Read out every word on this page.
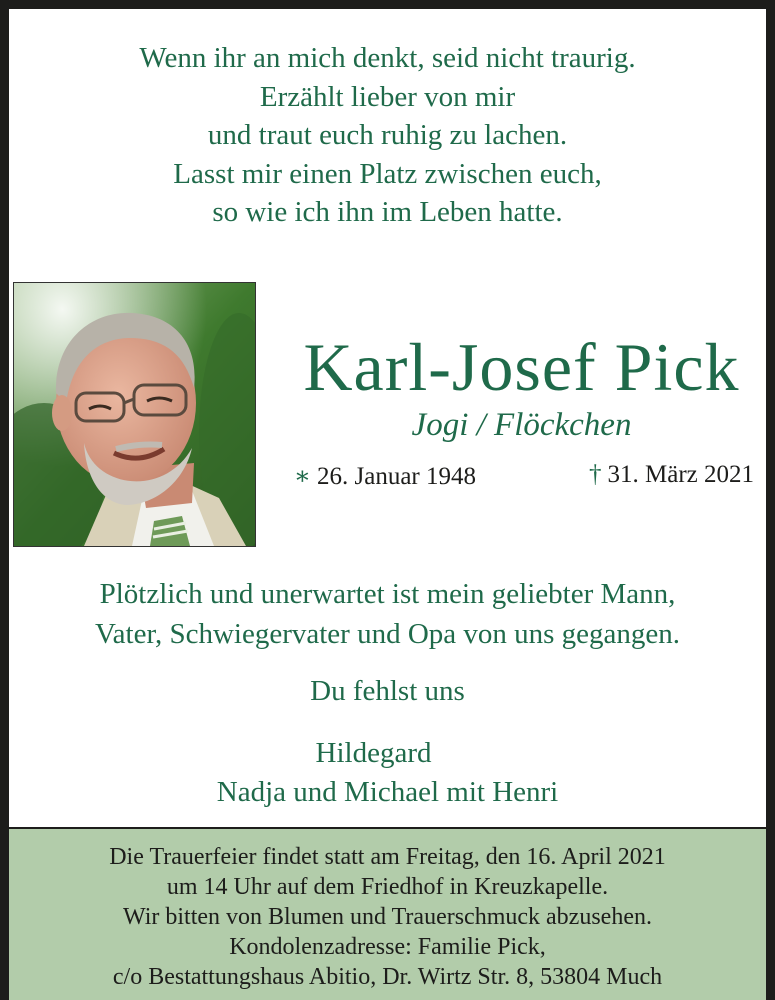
Wenn ihr an mich denkt, seid nicht traurig.
Erzählt lieber von mir
und traut euch ruhig zu lachen.
Lasst mir einen Platz zwischen euch,
so wie ich ihn im Leben hatte.
Karl-Josef Pick
Jogi / Flöckchen
∗ 26. Januar 1948	† 31. März 2021
Plötzlich und unerwartet ist mein geliebter Mann,
Vater, Schwiegervater und Opa von uns gegangen.
Du fehlst uns
Hildegard
Nadja und Michael mit Henri
Die Trauerfeier findet statt am Freitag, den 16. April 2021
um 14 Uhr auf dem Friedhof in Kreuzkapelle.
Wir bitten von Blumen und Trauerschmuck abzusehen.
Kondolenzadresse: Familie Pick,
c/o Bestattungshaus Abitio, Dr. Wirtz Str. 8, 53804 Much
